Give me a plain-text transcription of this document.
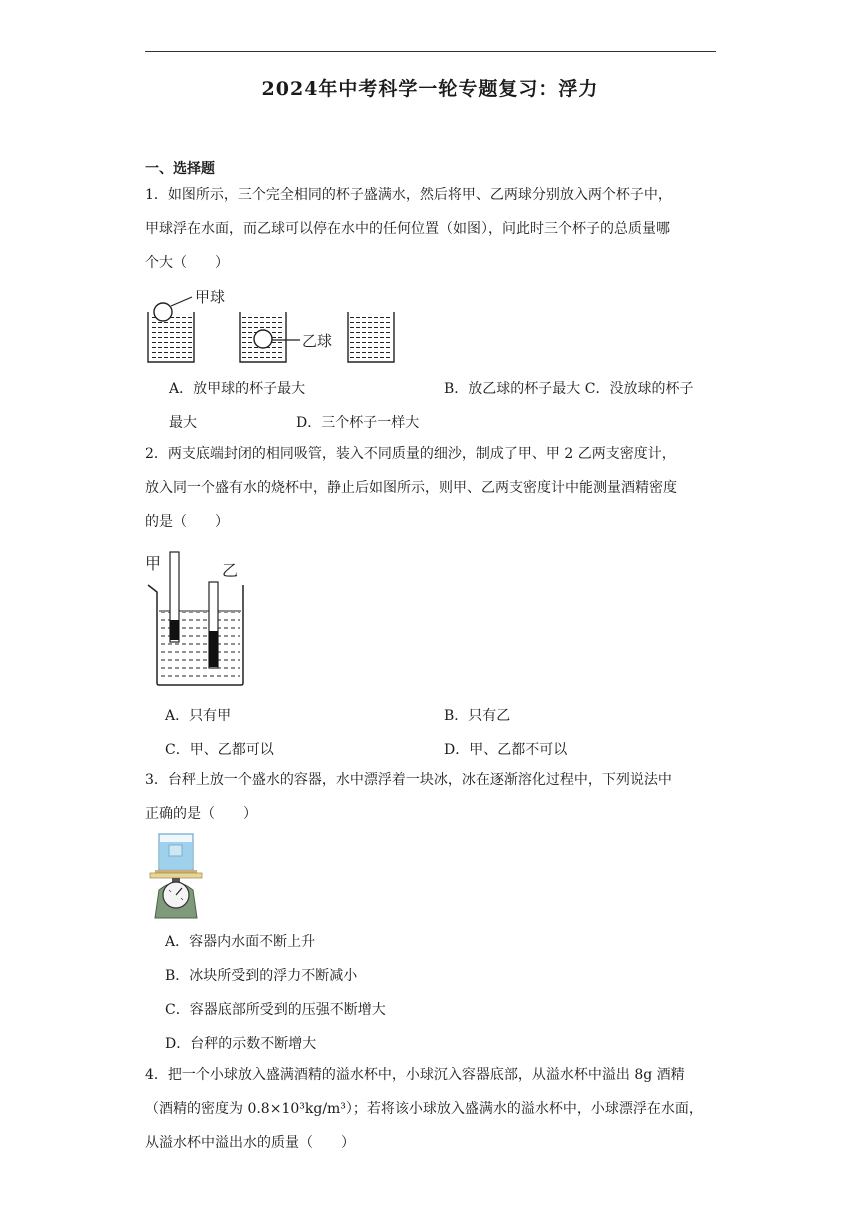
2024年中考科学一轮专题复习：浮力
一、选择题
1．如图所示，三个完全相同的杯子盛满水，然后将甲、乙两球分别放入两个杯子中，
甲球浮在水面，而乙球可以停在水中的任何位置（如图），问此时三个杯子的总质量哪
个大（　　）
甲球
乙球
A．放甲球的杯子最大	B．放乙球的杯子最大 C．没放球的杯子
最大	D．三个杯子一样大
2．两支底端封闭的相同吸管，装入不同质量的细沙，制成了甲、甲 2 乙两支密度计，
放入同一个盛有水的烧杯中，静止后如图所示，则甲、乙两支密度计中能测量酒精密度
的是（　　）
甲	乙
A．只有甲	B．只有乙
C．甲、乙都可以	D．甲、乙都不可以
3．台秤上放一个盛水的容器，水中漂浮着一块冰，冰在逐渐溶化过程中，下列说法中
正确的是（　　）
A．容器内水面不断上升
B．冰块所受到的浮力不断减小
C．容器底部所受到的压强不断增大
D．台秤的示数不断增大
4．把一个小球放入盛满酒精的溢水杯中，小球沉入容器底部，从溢水杯中溢出 8g 酒精
（酒精的密度为 0.8×10³kg/m³）；若将该小球放入盛满水的溢水杯中，小球漂浮在水面，
从溢水杯中溢出水的质量（　　）
